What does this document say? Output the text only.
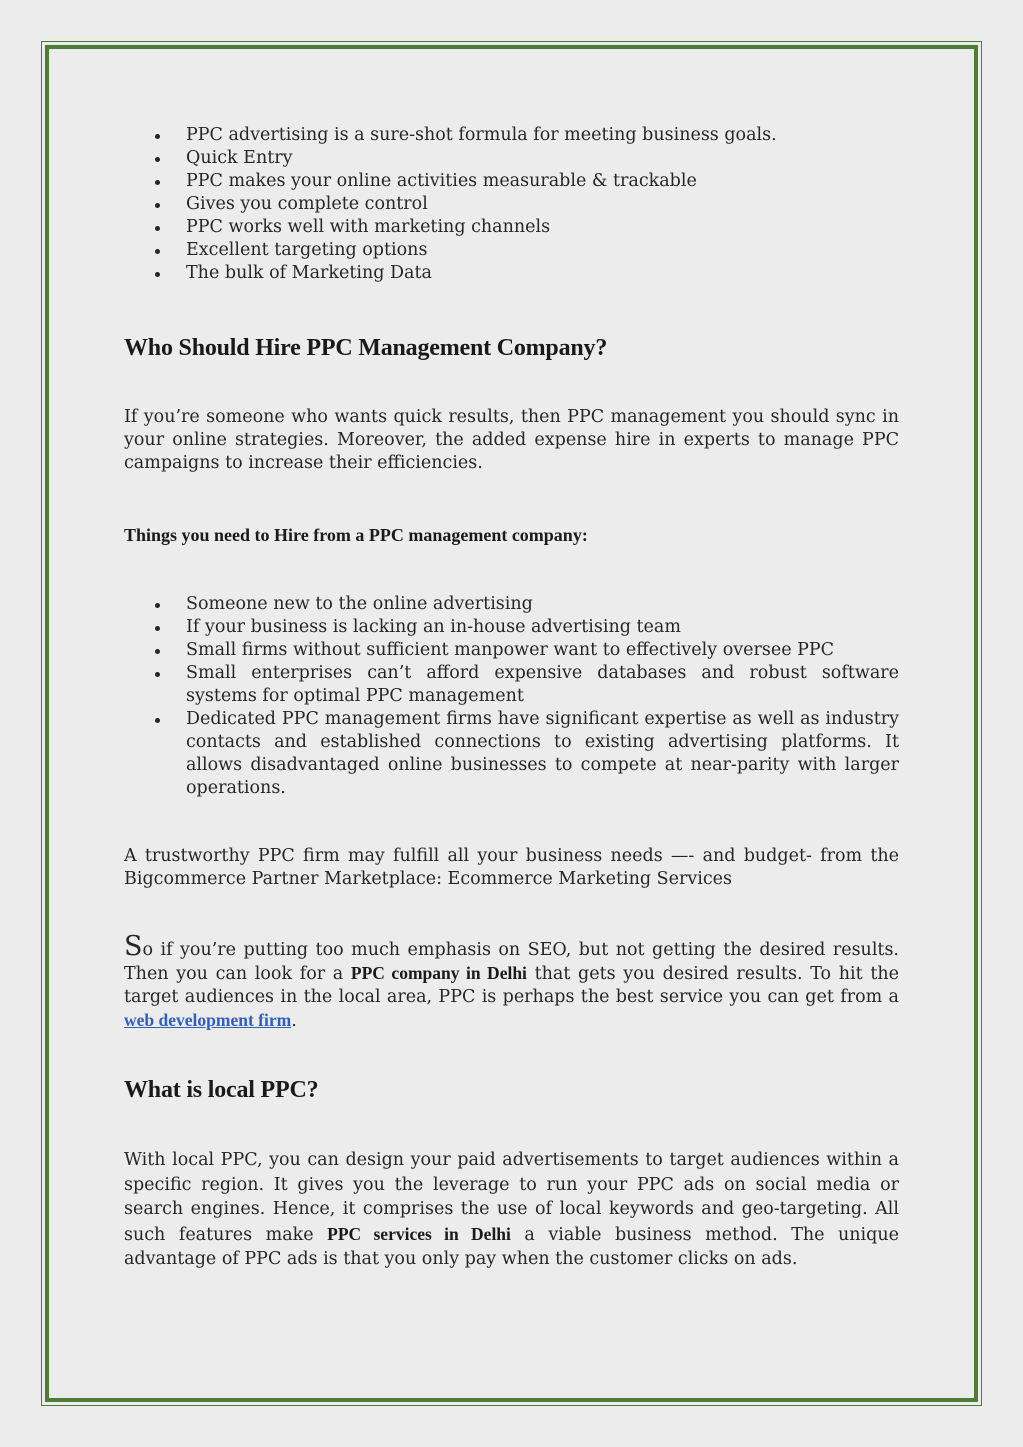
PPC advertising is a sure-shot formula for meeting business goals.
Quick Entry
PPC makes your online activities measurable & trackable
Gives you complete control
PPC works well with marketing channels
Excellent targeting options
The bulk of Marketing Data
Who Should Hire PPC Management Company?

If you’re someone who wants quick results, then PPC management you should sync in your online strategies. Moreover, the added expense hire in experts to manage PPC campaigns to increase their efficiencies.

Things you need to Hire from a PPC management company:
Someone new to the online advertising
If your business is lacking an in-house advertising team
Small firms without sufficient manpower want to effectively oversee PPC
Small enterprises can’t afford expensive databases and robust software systems for optimal PPC management
Dedicated PPC management firms have significant expertise as well as industry contacts and established connections to existing advertising platforms. It allows disadvantaged online businesses to compete at near-parity with larger operations.

A trustworthy PPC firm may fulfill all your business needs —- and budget- from the Bigcommerce Partner Marketplace: Ecommerce Marketing Services

So if you’re putting too much emphasis on SEO, but not getting the desired results. Then you can look for a PPC company in Delhi that gets you desired results. To hit the target audiences in the local area, PPC is perhaps the best service you can get from a web development firm.

What is local PPC?

With local PPC, you can design your paid advertisements to target audiences within a specific region. It gives you the leverage to run your PPC ads on social media or search engines. Hence, it comprises the use of local keywords and geo-targeting. All such features make PPC services in Delhi a viable business method. The unique advantage of PPC ads is that you only pay when the customer clicks on ads.
